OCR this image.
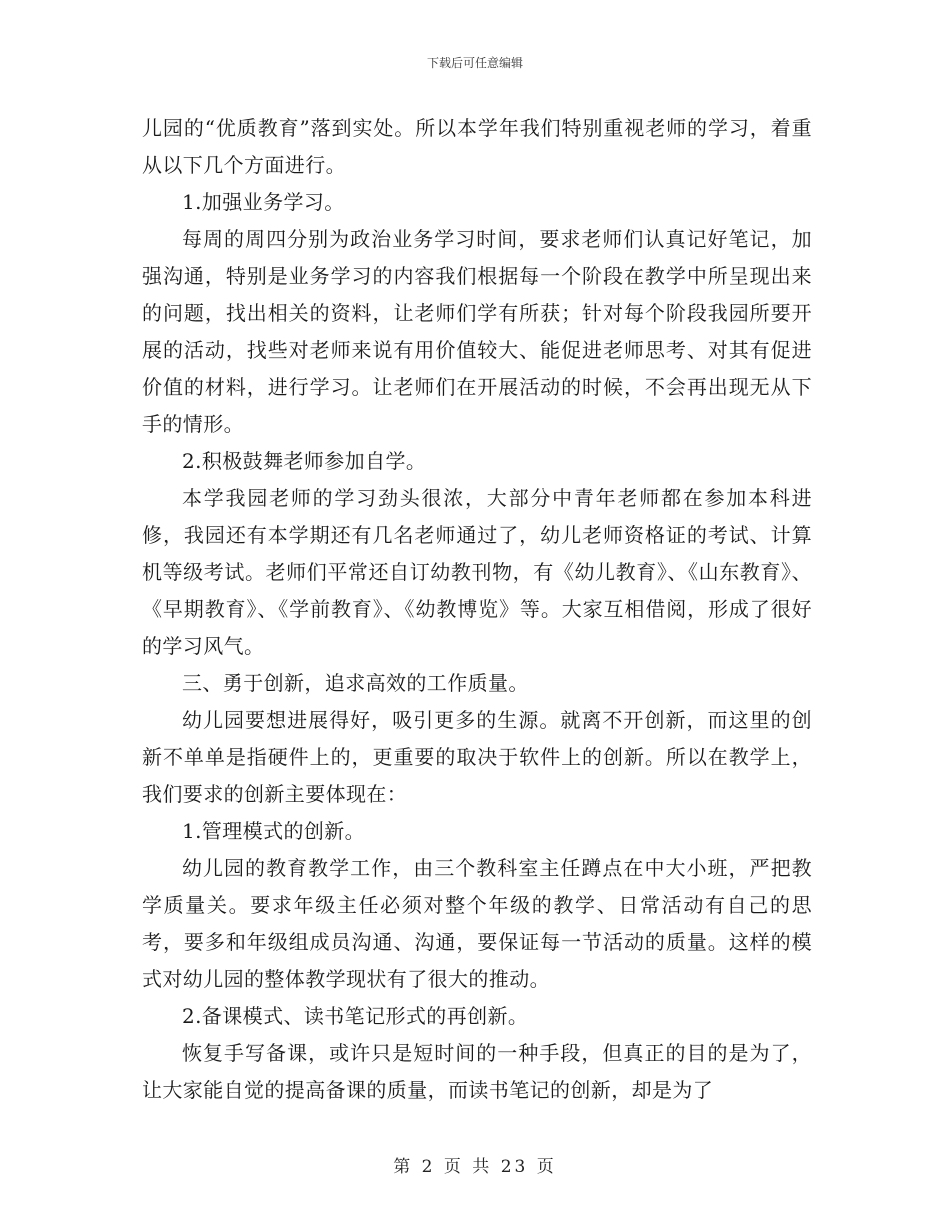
下载后可任意编辑

儿园的“优质教育”落到实处。所以本学年我们特别重视老师的学习，着重从以下几个方面进行。

1.加强业务学习。

每周的周四分别为政治业务学习时间，要求老师们认真记好笔记，加强沟通，特别是业务学习的内容我们根据每一个阶段在教学中所呈现出来的问题，找出相关的资料，让老师们学有所获；针对每个阶段我园所要开展的活动，找些对老师来说有用价值较大、能促进老师思考、对其有促进价值的材料，进行学习。让老师们在开展活动的时候，不会再出现无从下手的情形。

2.积极鼓舞老师参加自学。

本学我园老师的学习劲头很浓，大部分中青年老师都在参加本科进修，我园还有本学期还有几名老师通过了，幼儿老师资格证的考试、计算机等级考试。老师们平常还自订幼教刊物，有《幼儿教育》、《山东教育》、《早期教育》、《学前教育》、《幼教博览》等。大家互相借阅，形成了很好的学习风气。

三、勇于创新，追求高效的工作质量。

幼儿园要想进展得好，吸引更多的生源。就离不开创新，而这里的创新不单单是指硬件上的，更重要的取决于软件上的创新。所以在教学上，我们要求的创新主要体现在：

1.管理模式的创新。

幼儿园的教育教学工作，由三个教科室主任蹲点在中大小班，严把教学质量关。要求年级主任必须对整个年级的教学、日常活动有自己的思考，要多和年级组成员沟通、沟通，要保证每一节活动的质量。这样的模式对幼儿园的整体教学现状有了很大的推动。

2.备课模式、读书笔记形式的再创新。

恢复手写备课，或许只是短时间的一种手段，但真正的目的是为了，让大家能自觉的提高备课的质量，而读书笔记的创新，却是为了

第 2 页 共 23 页
